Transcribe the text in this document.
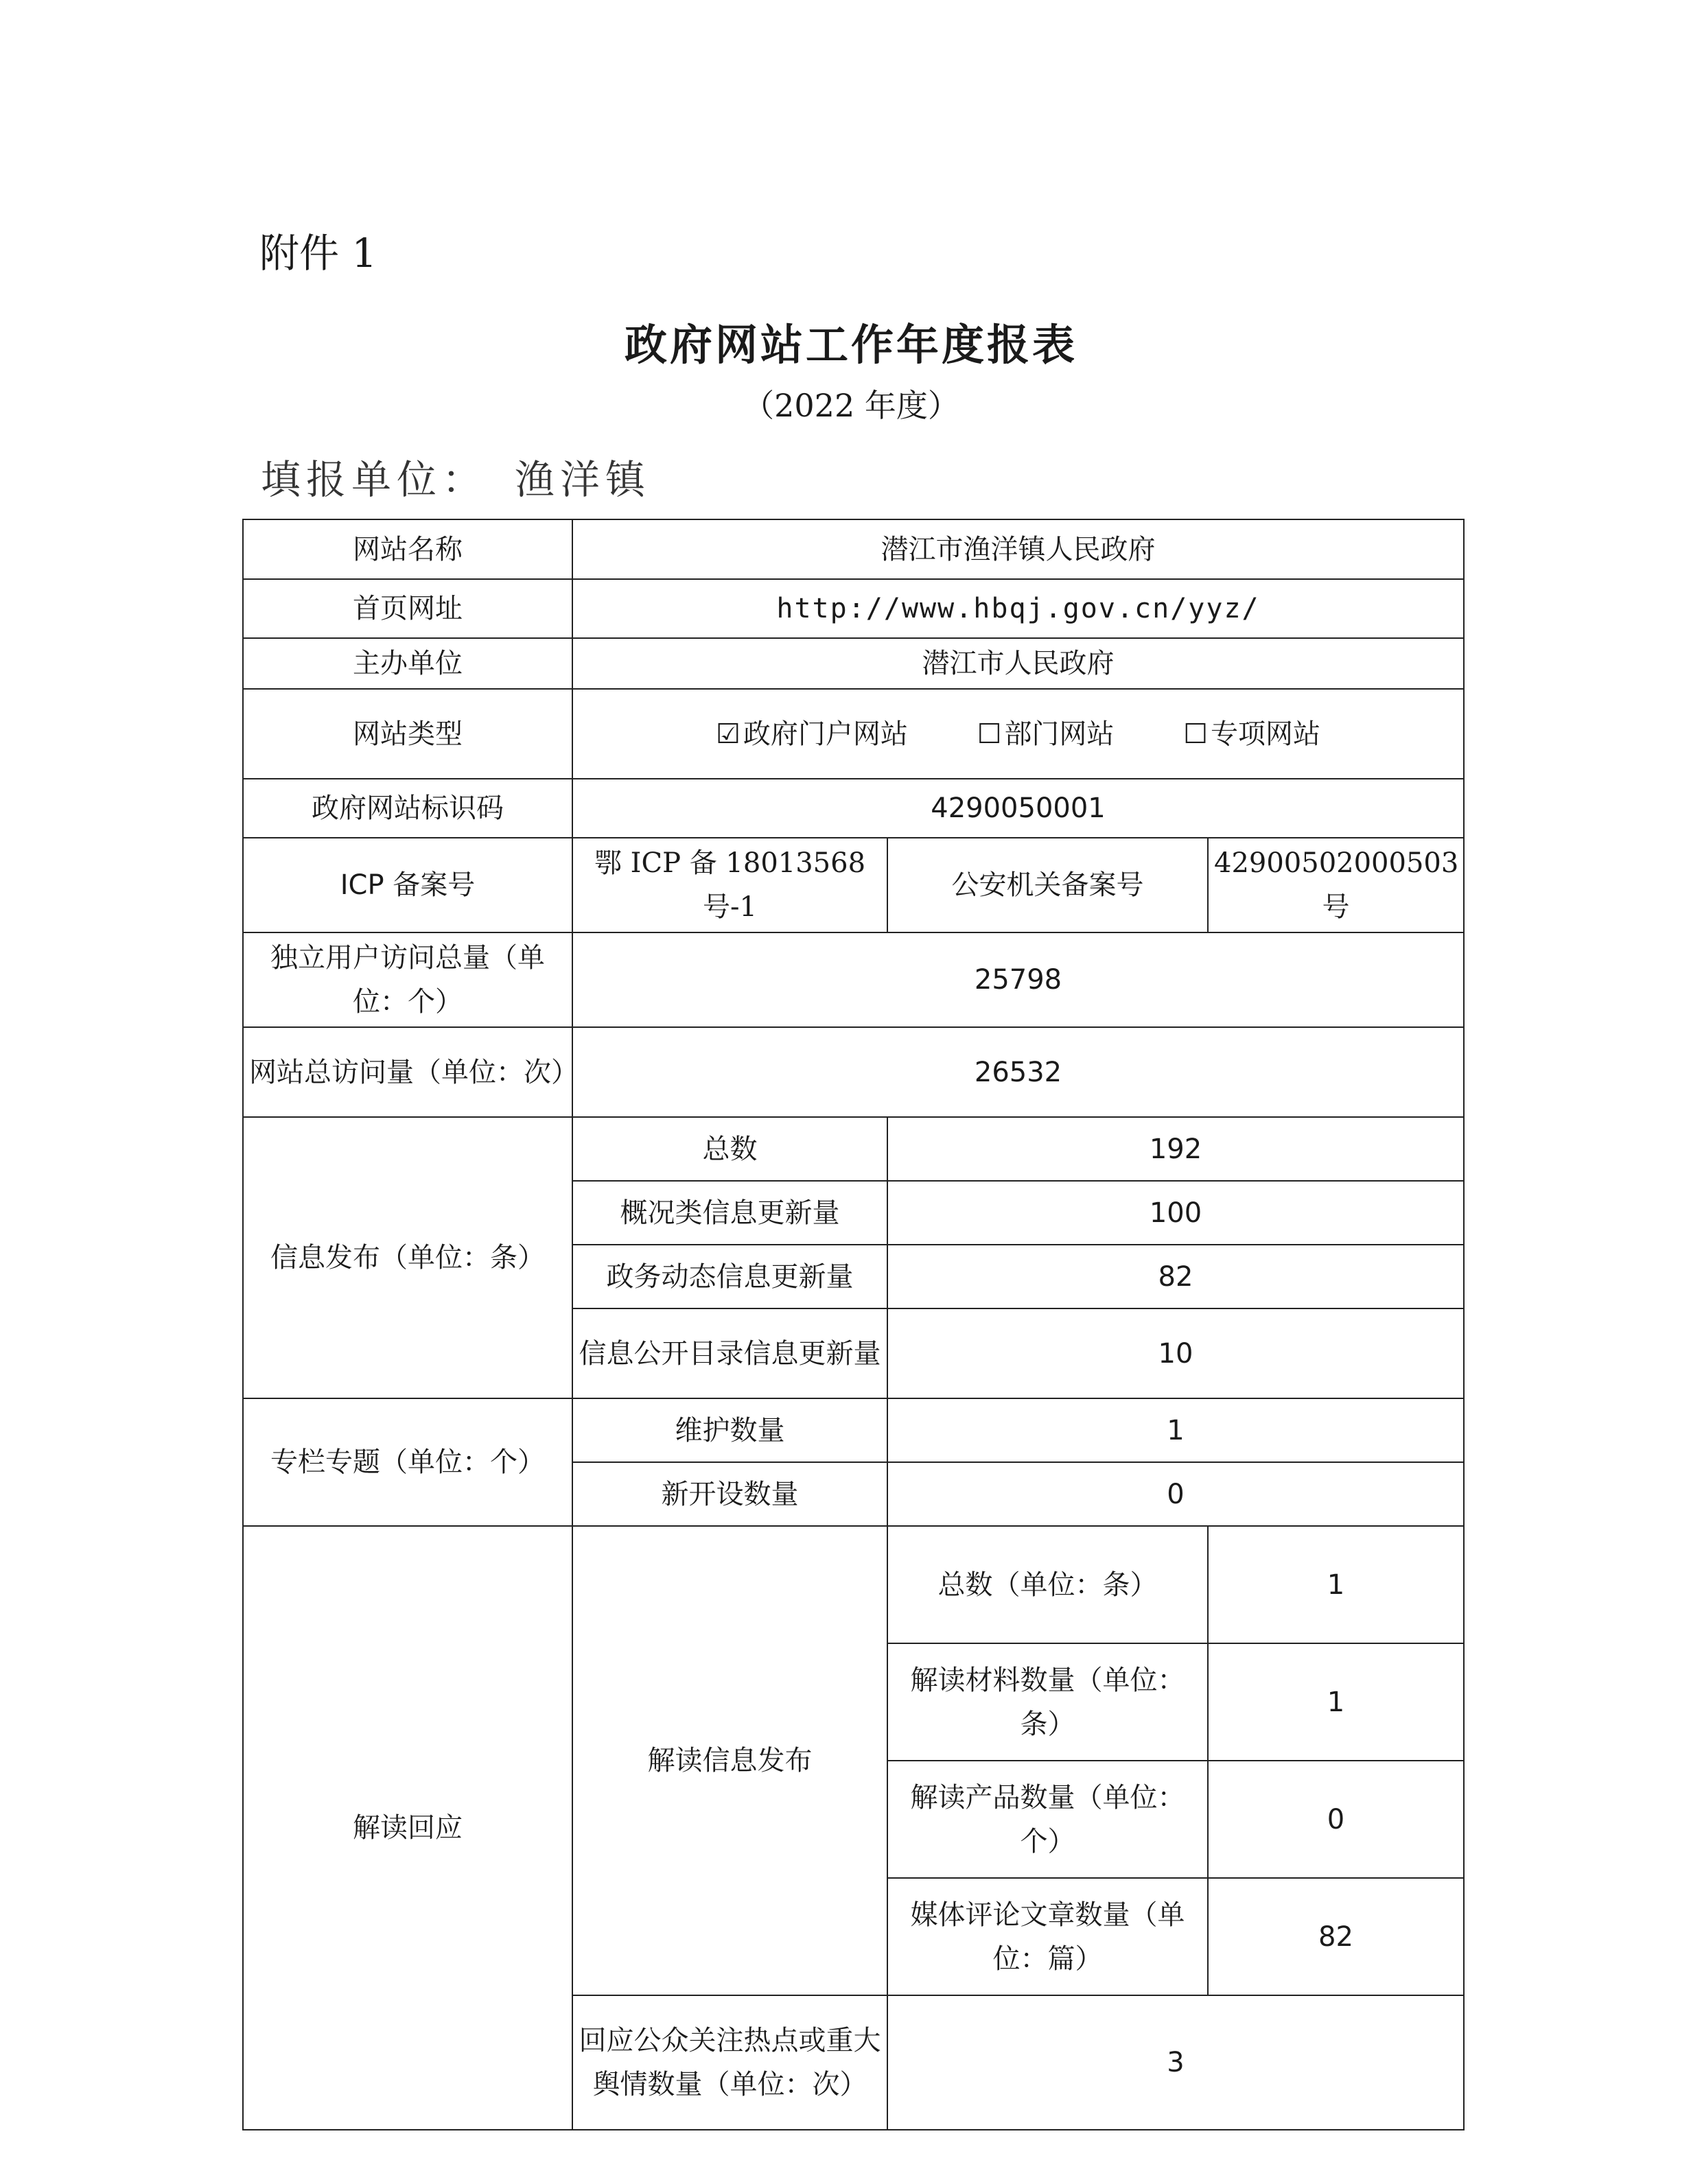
附件 1
政府网站工作年度报表
（2022 年度）
填报单位： 渔洋镇
网站名称	潜江市渔洋镇人民政府		
首页网址	http://www.hbqj.gov.cn/yyz/		
主办单位	潜江市人民政府		
网站类型	☑ 政府门户网站 ☐ 部门网站 ☐ 专项网站		
政府网站标识码	4290050001		
ICP 备案号	鄂 ICP 备 18013568 号-1	公安机关备案号	42900502000503 号
独立用户访问总量（单位：个）	25798		
网站总访问量（单位：次）	26532		
信息发布（单位：条）	总数	192	
	概况类信息更新量	100	
	政务动态信息更新量	82	
	信息公开目录信息更新量	10	
专栏专题（单位：个）	维护数量	1	
	新开设数量	0	
解读回应	解读信息发布	总数（单位：条）	1
		解读材料数量（单位：条）	1
		解读产品数量（单位：个）	0
		媒体评论文章数量（单位：篇）	82
	回应公众关注热点或重大舆情数量（单位：次）	3	
